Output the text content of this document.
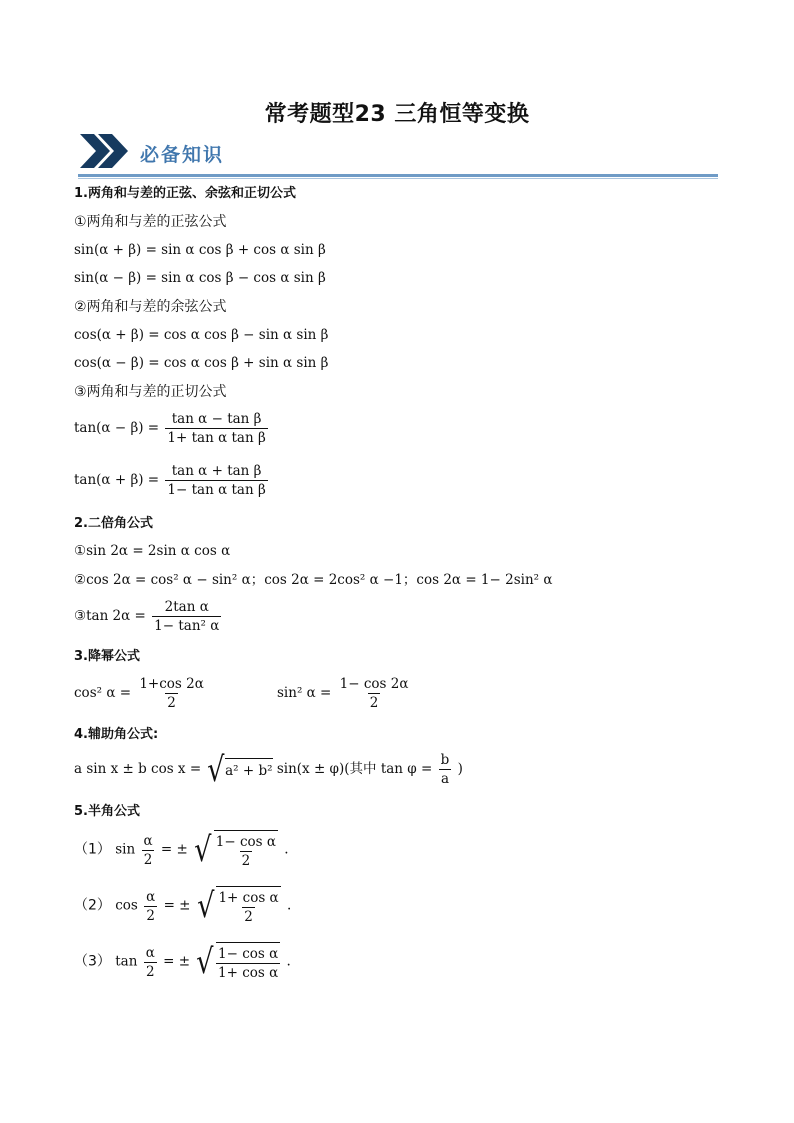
常考题型23 三角恒等变换
必备知识
1.两角和与差的正弦、余弦和正切公式
①两角和与差的正弦公式
sin(α + β) = sin α cos β + cos α sin β
sin(α − β) = sin α cos β − cos α sin β
②两角和与差的余弦公式
cos(α + β) = cos α cos β − sin α sin β
cos(α − β) = cos α cos β + sin α sin β
③两角和与差的正切公式
$\tan(\alpha - \beta) = \frac{\text{tan α − tan β}}{\text{1+ tan α tan β}}$
$\tan(\alpha + \beta) = \frac{\text{tan α + tan β}}{\text{1− tan α tan β}}$
2.二倍角公式
①sin 2α = 2sin α cos α
②cos 2α = cos² α − sin² α；cos 2α = 2cos² α −1；cos 2α = 1− 2sin² α
③tan $2\alpha = \frac{\text{2tan α}}{\text{1− tan² α}}$
3.降幂公式
cos² $\alpha = \frac{1+\cos 2\alpha}{2}$	sin² $\alpha = \frac{1- \cos 2\alpha}{2}$
4.辅助角公式:
a sin x ± b cos x = √ a² + b² sin(x ± φ)(其中 $\tan \varphi = \frac{b}{a}$ )
5.半角公式
（1） $\sin \frac{\alpha}{2}$ = ± √ $\frac{\text{1− cos α}}{2}$ .
（2） $\cos \frac{\alpha}{2}$ = ± √ $\frac{\text{1+ cos α}}{2}$ .
（3） $\tan \frac{\alpha}{2}$ = ± √ $\frac{\text{1− cos α}}{\text{1+ cos α}}$ .
